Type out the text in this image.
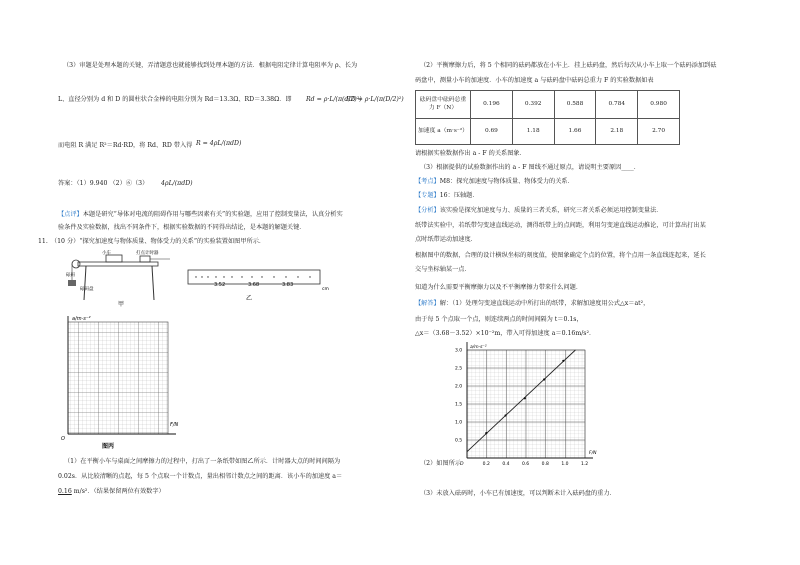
（3）审题是处理本题的关键，弄清题意也就能够找到处理本题的方法．根据电阻定律计算电阻率为 ρ、长为
L、直径分别为 d 和 D 的圆柱状合金棒的电阻分别为 Rd＝13.3Ω、RD＝3.38Ω．即 Rd = ρ·L/(π(d/2)²)
RD = ρ·L/(π(D/2)²)
而电阻 R 满足 R²＝Rd·RD，将 Rd、RD 带入得 R = 4ρL/(πdD)
答案：（1）9.940 （2）⑥（3） 4ρL/(πdD)
【点评】本题是研究“导体对电流的阻碍作用与哪些因素有关”的实验题，应用了控制变量法，认真分析实
验条件及实验数据，找出不同条件下，根据实验数据的不同得出结论，是本题的解题关键．
11.　（10 分）“探究加速度与物体质量、物体受力的关系”的实验装置如图甲所示．
小车	打点计时器
砝码
砝码盘
甲
3.52	3.68	3.83
cm
乙
a/m·s⁻²
F/N
O
图丙
（1）在平衡小车与桌面之间摩擦力的过程中，打出了一条纸带如图乙所示．计时器大点的时间间隔为
0.02s．从比较清晰的点起，每 5 个点取一个计数点，量出相邻计数点之间的距离．该小车的加速度 a＝
0.16 m/s²．（结果保留两位有效数字）
（2）平衡摩擦力后，将 5 个相同的砝码都放在小车上．挂上砝码盘，然后每次从小车上取一个砝码添加到砝
码盘中，测量小车的加速度．小车的加速度 a 与砝码盘中砝码总重力 F 的实验数据如表
砝码盘中砝码总重力 F（N）	0.196	0.392	0.588	0.784	0.980
加速度 a（m·s⁻²）	0.69	1.18	1.66	2.18	2.70
请根据实验数据作出 a - F 的关系图象．
（3）根据提供的试验数据作出的 a - F 图线不通过原点，请说明主要原因____．
【考点】M8：探究加速度与物体质量、物体受力的关系．
【专题】16：压轴题．
【分析】该实验是探究加速度与力、质量的三者关系，研究三者关系必须运用控制变量法．
纸带法实验中，若纸带匀变速直线运动，测得纸带上的点间距，利用匀变速直线运动推论，可计算出打出某
点时纸带运动加速度．
根据图中的数据，合理的设计横纵坐标的刻度值，使图象确定个点的位置，将个点用一条直线连起来，延长
交与坐标轴某一点．
知道为什么需要平衡摩擦力以及不平衡摩擦力带来什么问题．
【解答】解：（1）处理匀变速直线运动中所打出的纸带，求解加速度用公式△x＝at²，
由于每 5 个点取一个点，则连续两点的时间间隔为 t＝0.1s，
△x＝（3.68－3.52）×10⁻²m，带入可得加速度 a＝0.16m/s²．
a/m·s⁻²
F/N
O
3.0
2.5
2.0
1.5
1.0
0.5
0.2	0.4	0.6	0.8	1.0	1.2
（2）如图所示
（3）未放入砝码时，小车已有加速度，可以判断未计入砝码盘的重力．
